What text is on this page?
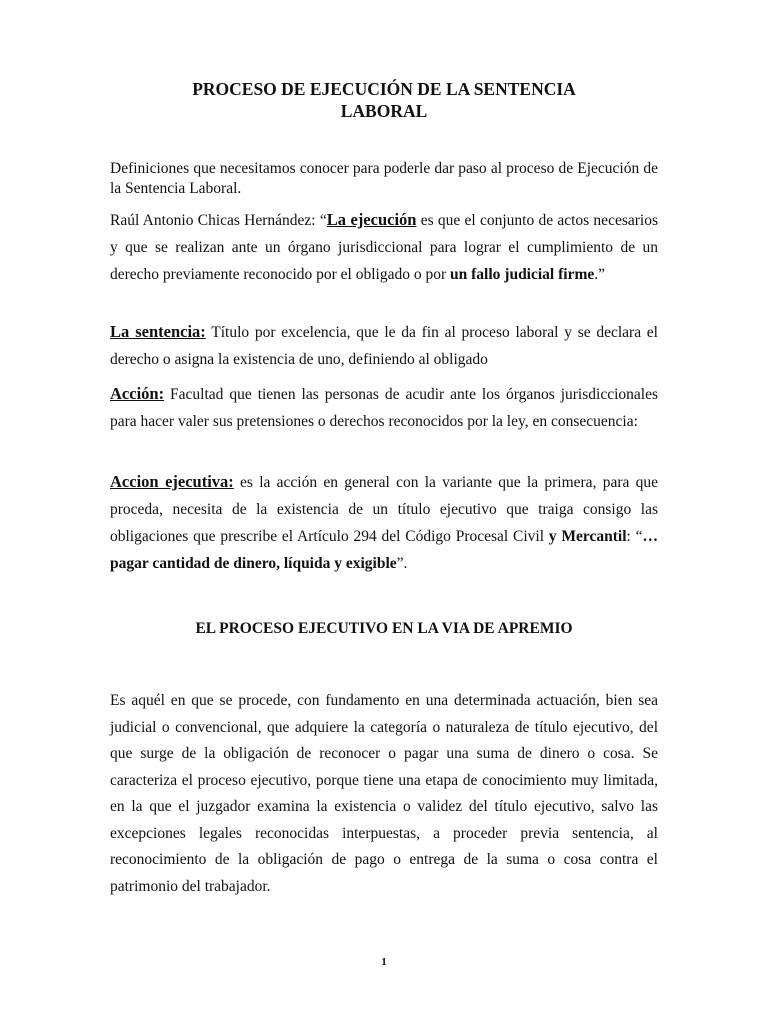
PROCESO DE EJECUCIÓN DE LA SENTENCIA
LABORAL

Definiciones que necesitamos conocer para poderle dar paso al proceso de Ejecución de la Sentencia Laboral.

Raúl Antonio Chicas Hernández: “La ejecución es que el conjunto de actos necesarios y que se realizan ante un órgano jurisdiccional para lograr el cumplimiento de un derecho previamente reconocido por el obligado o por un fallo judicial firme.”

La sentencia: Título por excelencia, que le da fin al proceso laboral y se declara el derecho o asigna la existencia de uno, definiendo al obligado

Acción: Facultad que tienen las personas de acudir ante los órganos jurisdiccionales para hacer valer sus pretensiones o derechos reconocidos por la ley, en consecuencia:

Accion ejecutiva: es la acción en general con la variante que la primera, para que proceda, necesita de la existencia de un título ejecutivo que traiga consigo las obligaciones que prescribe el Artículo 294 del Código Procesal Civil y Mercantil: “…pagar cantidad de dinero, líquida y exigible”.

EL PROCESO EJECUTIVO EN LA VIA DE APREMIO

Es aquél en que se procede, con fundamento en una determinada actuación, bien sea judicial o convencional, que adquiere la categoría o naturaleza de título ejecutivo, del que surge de la obligación de reconocer o pagar una suma de dinero o cosa. Se caracteriza el proceso ejecutivo, porque tiene una etapa de conocimiento muy limitada, en la que el juzgador examina la existencia o validez del título ejecutivo, salvo las excepciones legales reconocidas interpuestas, a proceder previa sentencia, al reconocimiento de la obligación de pago o entrega de la suma o cosa contra el patrimonio del trabajador.

1
